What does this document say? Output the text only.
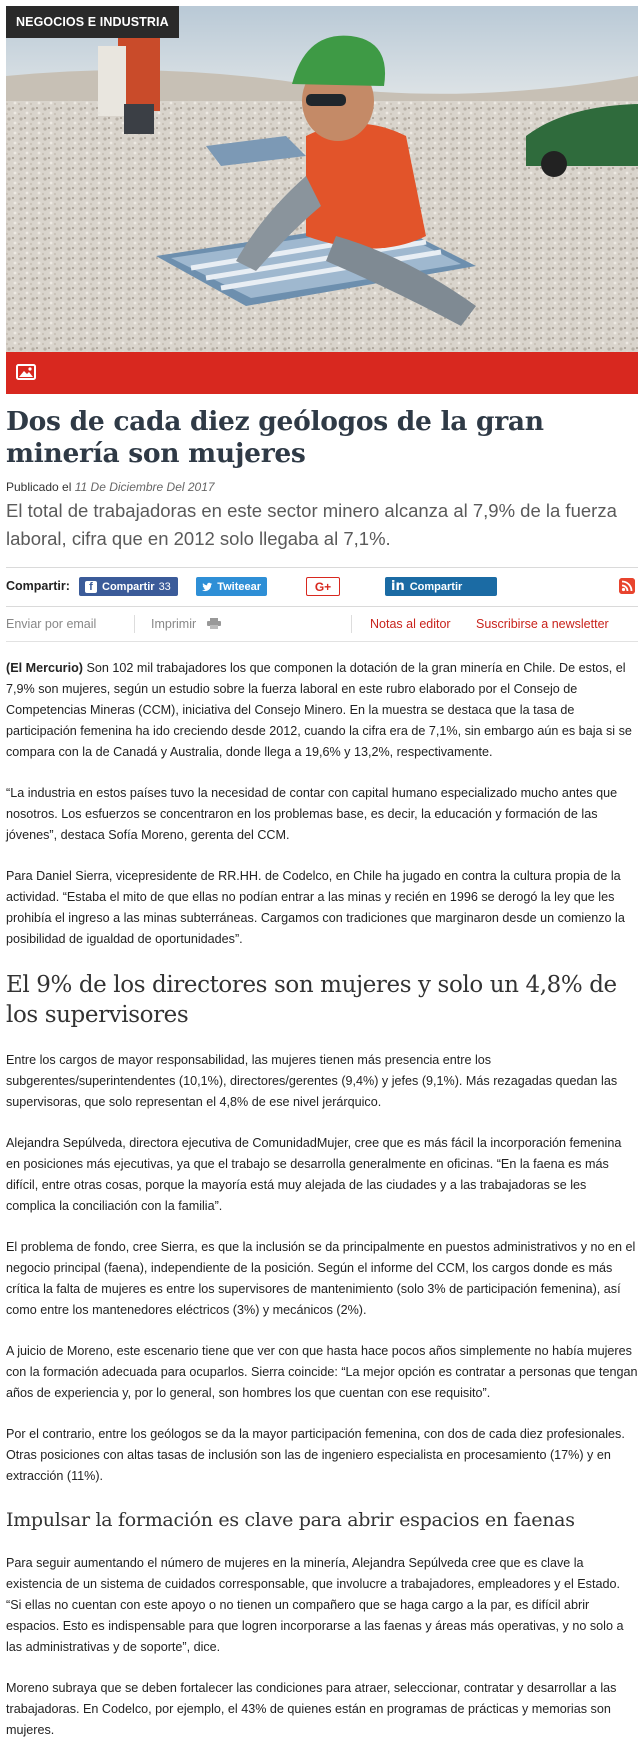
NEGOCIOS E INDUSTRIA
Dos de cada diez geólogos de la gran minería son mujeres
Publicado el 11 De Diciembre Del 2017
El total de trabajadoras en este sector minero alcanza al 7,9% de la fuerza laboral, cifra que en 2012 solo llegaba al 7,1%.
Compartir:	f Compartir 33	Twiteear	G+	in Compartir
Enviar por email	Imprimir	Notas al editor Suscribirse a newsletter

(El Mercurio) Son 102 mil trabajadores los que componen la dotación de la gran minería en Chile. De estos, el 7,9% son mujeres, según un estudio sobre la fuerza laboral en este rubro elaborado por el Consejo de Competencias Mineras (CCM), iniciativa del Consejo Minero. En la muestra se destaca que la tasa de participación femenina ha ido creciendo desde 2012, cuando la cifra era de 7,1%, sin embargo aún es baja si se compara con la de Canadá y Australia, donde llega a 19,6% y 13,2%, respectivamente.

“La industria en estos países tuvo la necesidad de contar con capital humano especializado mucho antes que nosotros. Los esfuerzos se concentraron en los problemas base, es decir, la educación y formación de las jóvenes”, destaca Sofía Moreno, gerenta del CCM.

Para Daniel Sierra, vicepresidente de RR.HH. de Codelco, en Chile ha jugado en contra la cultura propia de la actividad. “Estaba el mito de que ellas no podían entrar a las minas y recién en 1996 se derogó la ley que les prohibía el ingreso a las minas subterráneas. Cargamos con tradiciones que marginaron desde un comienzo la posibilidad de igualdad de oportunidades”.

El 9% de los directores son mujeres y solo un 4,8% de los supervisores

Entre los cargos de mayor responsabilidad, las mujeres tienen más presencia entre los subgerentes/superintendentes (10,1%), directores/gerentes (9,4%) y jefes (9,1%). Más rezagadas quedan las supervisoras, que solo representan el 4,8% de ese nivel jerárquico.

Alejandra Sepúlveda, directora ejecutiva de ComunidadMujer, cree que es más fácil la incorporación femenina en posiciones más ejecutivas, ya que el trabajo se desarrolla generalmente en oficinas. “En la faena es más difícil, entre otras cosas, porque la mayoría está muy alejada de las ciudades y a las trabajadoras se les complica la conciliación con la familia”.

El problema de fondo, cree Sierra, es que la inclusión se da principalmente en puestos administrativos y no en el negocio principal (faena), independiente de la posición. Según el informe del CCM, los cargos donde es más crítica la falta de mujeres es entre los supervisores de mantenimiento (solo 3% de participación femenina), así como entre los mantenedores eléctricos (3%) y mecánicos (2%).

A juicio de Moreno, este escenario tiene que ver con que hasta hace pocos años simplemente no había mujeres con la formación adecuada para ocuparlos. Sierra coincide: “La mejor opción es contratar a personas que tengan años de experiencia y, por lo general, son hombres los que cuentan con ese requisito”.

Por el contrario, entre los geólogos se da la mayor participación femenina, con dos de cada diez profesionales. Otras posiciones con altas tasas de inclusión son las de ingeniero especialista en procesamiento (17%) y en extracción (11%).

Impulsar la formación es clave para abrir espacios en faenas

Para seguir aumentando el número de mujeres en la minería, Alejandra Sepúlveda cree que es clave la existencia de un sistema de cuidados corresponsable, que involucre a trabajadores, empleadores y el Estado. “Si ellas no cuentan con este apoyo o no tienen un compañero que se haga cargo a la par, es difícil abrir espacios. Esto es indispensable para que logren incorporarse a las faenas y áreas más operativas, y no solo a las administrativas y de soporte”, dice.

Moreno subraya que se deben fortalecer las condiciones para atraer, seleccionar, contratar y desarrollar a las trabajadoras. En Codelco, por ejemplo, el 43% de quienes están en programas de prácticas y memorias son mujeres.
